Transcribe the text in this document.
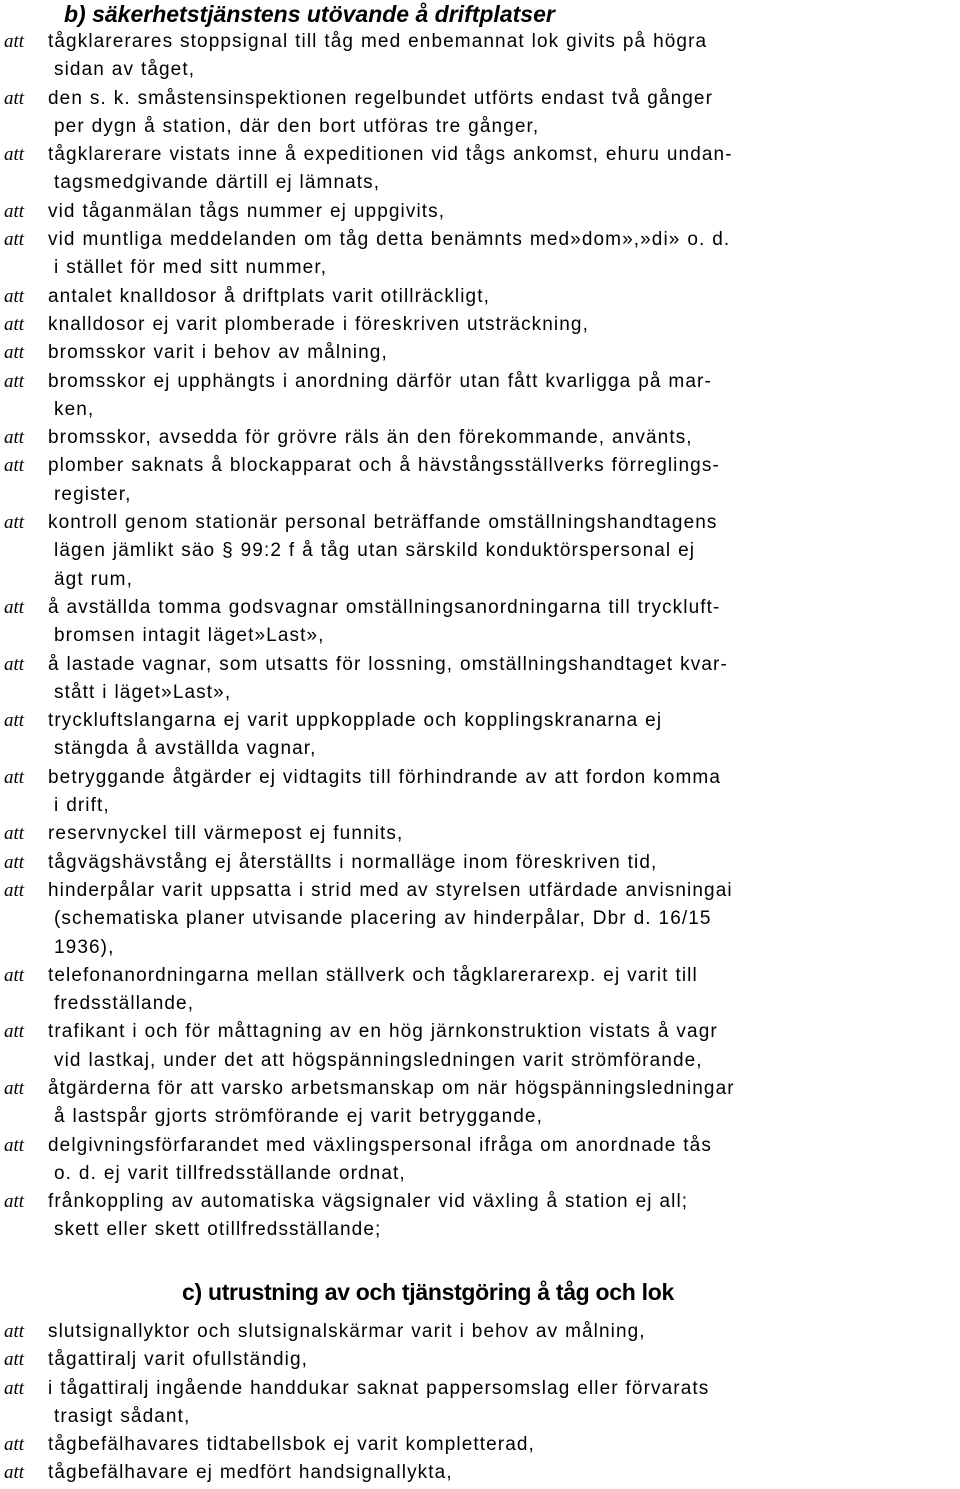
b) säkerhetstjänstens utövande å driftplatser
att	tågklarerares stoppsignal till tåg med enbemannat lok givits på högra
sidan av tåget,
att	den s. k. småstensinspektionen regelbundet utförts endast två gånger
per dygn å station, där den bort utföras tre gånger,
att	tågklarerare vistats inne å expeditionen vid tågs ankomst, ehuru undan-
tagsmedgivande därtill ej lämnats,
att	vid tåganmälan tågs nummer ej uppgivits,
att	vid muntliga meddelanden om tåg detta benämnts med»dom»,»di» o. d.
i stället för med sitt nummer,
att	antalet knalldosor å driftplats varit otillräckligt,
att	knalldosor ej varit plomberade i föreskriven utsträckning,
att	bromsskor varit i behov av målning,
att	bromsskor ej upphängts i anordning därför utan fått kvarligga på mar-
ken,
att	bromsskor, avsedda för grövre räls än den förekommande, använts,
att	plomber saknats å blockapparat och å hävstångsställverks förreglings-
register,
att	kontroll genom stationär personal beträffande omställningshandtagens
lägen jämlikt säo § 99:2 f å tåg utan särskild konduktörspersonal ej
ägt rum,
att	å avställda tomma godsvagnar omställningsanordningarna till tryckluft-
bromsen intagit läget»Last»,
att	å lastade vagnar, som utsatts för lossning, omställningshandtaget kvar-
stått i läget»Last»,
att	tryckluftslangarna ej varit uppkopplade och kopplingskranarna ej
stängda å avställda vagnar,
att	betryggande åtgärder ej vidtagits till förhindrande av att fordon komma
i drift,
att	reservnyckel till värmepost ej funnits,
att	tågvägshävstång ej återställts i normalläge inom föreskriven tid,
att	hinderpålar varit uppsatta i strid med av styrelsen utfärdade anvisningai
(schematiska planer utvisande placering av hinderpålar, Dbr d. 16/15
1936),
att	telefonanordningarna mellan ställverk och tågklarerarexp. ej varit till
fredsställande,
att	trafikant i och för måttagning av en hög järnkonstruktion vistats å vagr
vid lastkaj, under det att högspänningsledningen varit strömförande,
att	åtgärderna för att varsko arbetsmanskap om när högspänningsledningar
å lastspår gjorts strömförande ej varit betryggande,
att	delgivningsförfarandet med växlingspersonal ifråga om anordnade tås
o. d. ej varit tillfredsställande ordnat,
att	frånkoppling av automatiska vägsignaler vid växling å station ej all;
skett eller skett otillfredsställande;
c) utrustning av och tjänstgöring å tåg och lok
att	slutsignallyktor och slutsignalskärmar varit i behov av målning,
att	tågattiralj varit ofullständig,
att	i tågattiralj ingående handdukar saknat pappersomslag eller förvarats
trasigt sådant,
att	tågbefälhavares tidtabellsbok ej varit kompletterad,
att	tågbefälhavare ej medfört handsignallykta,
